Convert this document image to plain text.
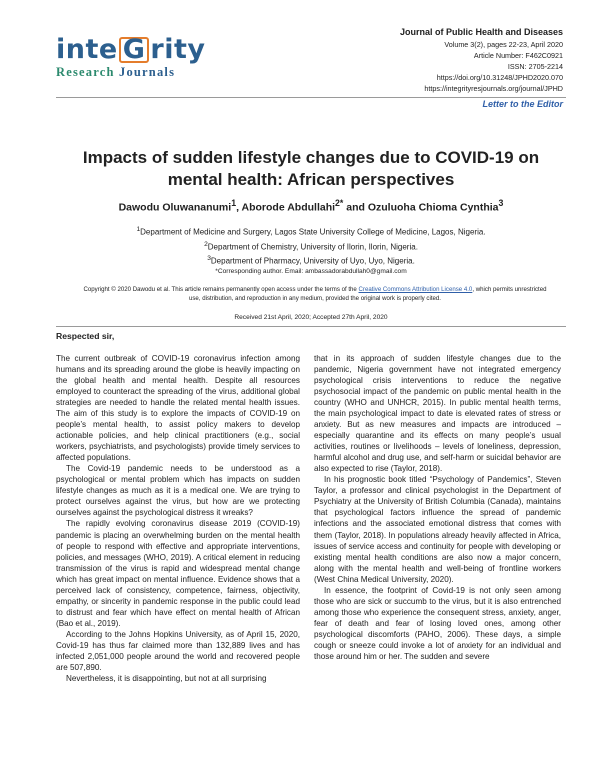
inte G rity
Research Journals
Journal of Public Health and Diseases
Volume 3(2), pages 22-23, April 2020
Article Number: F462C0921
ISSN: 2705-2214
https://doi.org/10.31248/JPHD2020.070
https://integrityresjournals.org/journal/JPHD
Letter to the Editor
Impacts of sudden lifestyle changes due to COVID-19 on mental health: African perspectives
Dawodu Oluwananumi$^1$, Aborode Abdullahi$^{2*}$ and Ozuluoha Chioma Cynthia$^3$
$^1$Department of Medicine and Surgery, Lagos State University College of Medicine, Lagos, Nigeria.
$^2$Department of Chemistry, University of Ilorin, Ilorin, Nigeria.
$^3$Department of Pharmacy, University of Uyo, Uyo, Nigeria.
*Corresponding author. Email: ambassadorabdullah0@gmail.com
Copyright © 2020 Dawodu et al. This article remains permanently open access under the terms of the Creative Commons Attribution License 4.0, which permits unrestricted use, distribution, and reproduction in any medium, provided the original work is properly cited.
Received 21st April, 2020; Accepted 27th April, 2020
Respected sir,

The current outbreak of COVID-19 coronavirus infection among humans and its spreading around the globe is heavily impacting on the global health and mental health. Despite all resources employed to counteract the spreading of the virus, additional global strategies are needed to handle the related mental health issues. The aim of this study is to explore the impacts of COVID-19 on people’s mental health, to assist policy makers to develop actionable policies, and help clinical practitioners (e.g., social workers, psychiatrists, and psychologists) provide timely services to affected populations.

The Covid-19 pandemic needs to be understood as a psychological or mental problem which has impacts on sudden lifestyle changes as much as it is a medical one. We are trying to protect ourselves against the virus, but how are we protecting ourselves against the psychological distress it wreaks?

The rapidly evolving coronavirus disease 2019 (COVID-19) pandemic is placing an overwhelming burden on the mental health of people to respond with effective and appropriate interventions, policies, and messages (WHO, 2019). A critical element in reducing transmission of the virus is rapid and widespread mental change which has great impact on mental influence. Evidence shows that a perceived lack of consistency, competence, fairness, objectivity, empathy, or sincerity in pandemic response in the public could lead to distrust and fear which have effect on mental health of African (Bao et al., 2019).

According to the Johns Hopkins University, as of April 15, 2020, Covid-19 has thus far claimed more than 132,889 lives and has infected 2,051,000 people around the world and recovered people are 507,890.

Nevertheless, it is disappointing, but not at all surprising

that in its approach of sudden lifestyle changes due to the pandemic, Nigeria government have not integrated emergency psychological crisis interventions to reduce the negative psychosocial impact of the pandemic on public mental health in the country (WHO and UNHCR, 2015). In public mental health terms, the main psychological impact to date is elevated rates of stress or anxiety. But as new measures and impacts are introduced – especially quarantine and its effects on many people’s usual activities, routines or livelihoods – levels of loneliness, depression, harmful alcohol and drug use, and self-harm or suicidal behavior are also expected to rise (Taylor, 2018).

In his prognostic book titled “Psychology of Pandemics”, Steven Taylor, a professor and clinical psychologist in the Department of Psychiatry at the University of British Columbia (Canada), maintains that psychological factors influence the spread of pandemic infections and the associated emotional distress that comes with them (Taylor, 2018). In populations already heavily affected in Africa, issues of service access and continuity for people with developing or existing mental health conditions are also now a major concern, along with the mental health and well-being of frontline workers (West China Medical University, 2020).

In essence, the footprint of Covid-19 is not only seen among those who are sick or succumb to the virus, but it is also entrenched among those who experience the consequent stress, anxiety, anger, fear of death and fear of losing loved ones, among other psychological discomforts (PAHO, 2006). These days, a simple cough or sneeze could invoke a lot of anxiety for an individual and those around him or her. The sudden and severe
